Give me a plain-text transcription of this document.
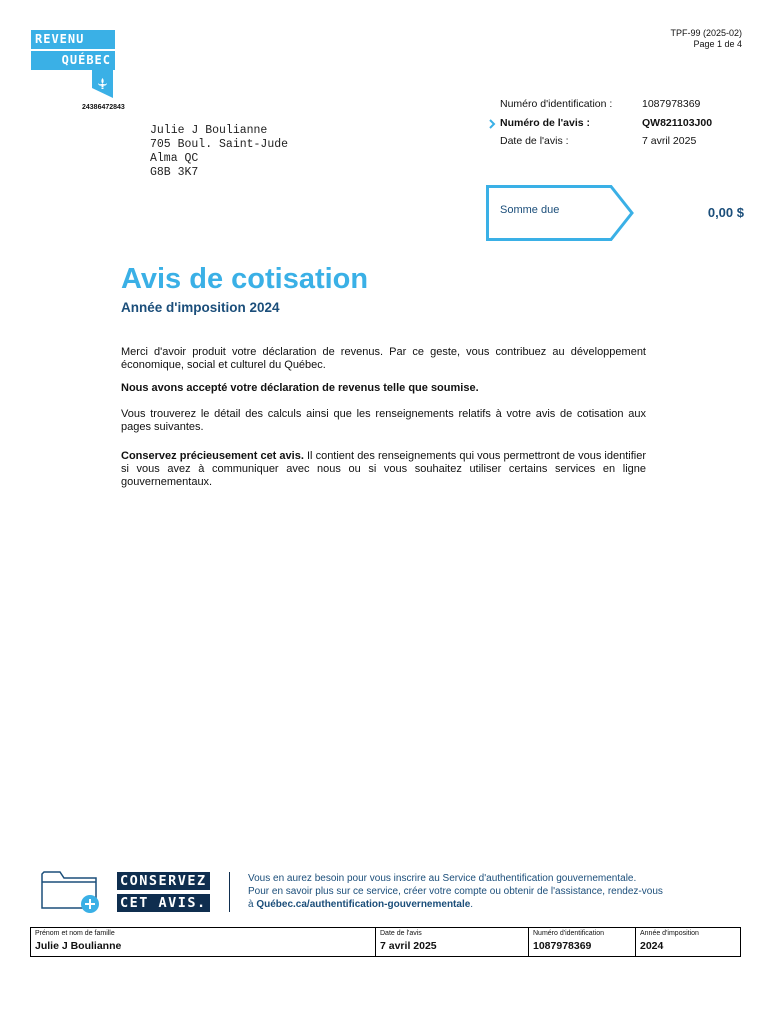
REVENU
QUÉBEC
24386472843
TPF-99 (2025-02)
Page 1 de 4
Julie J Boulianne
705 Boul. Saint-Jude
Alma QC
G8B 3K7
Numéro d'identification :	1087978369
Numéro de l'avis :	QW821103J00
Date de l'avis :	7 avril 2025
Somme due	0,00 $
Avis de cotisation
Année d'imposition 2024
Merci d'avoir produit votre déclaration de revenus. Par ce geste, vous contribuez au développement économique, social et culturel du Québec.
Nous avons accepté votre déclaration de revenus telle que soumise.
Vous trouverez le détail des calculs ainsi que les renseignements relatifs à votre avis de cotisation aux pages suivantes.
Conservez précieusement cet avis. Il contient des renseignements qui vous permettront de vous identifier si vous avez à communiquer avec nous ou si vous souhaitez utiliser certains services en ligne gouvernementaux.
CONSERVEZ
CET AVIS.
Vous en aurez besoin pour vous inscrire au Service d'authentification gouvernementale.
Pour en savoir plus sur ce service, créer votre compte ou obtenir de l'assistance, rendez-vous
à Québec.ca/authentification-gouvernementale.
Prénom et nom de famille
Julie J Boulianne
Date de l'avis
7 avril 2025
Numéro d'identification
1087978369
Année d'imposition
2024
